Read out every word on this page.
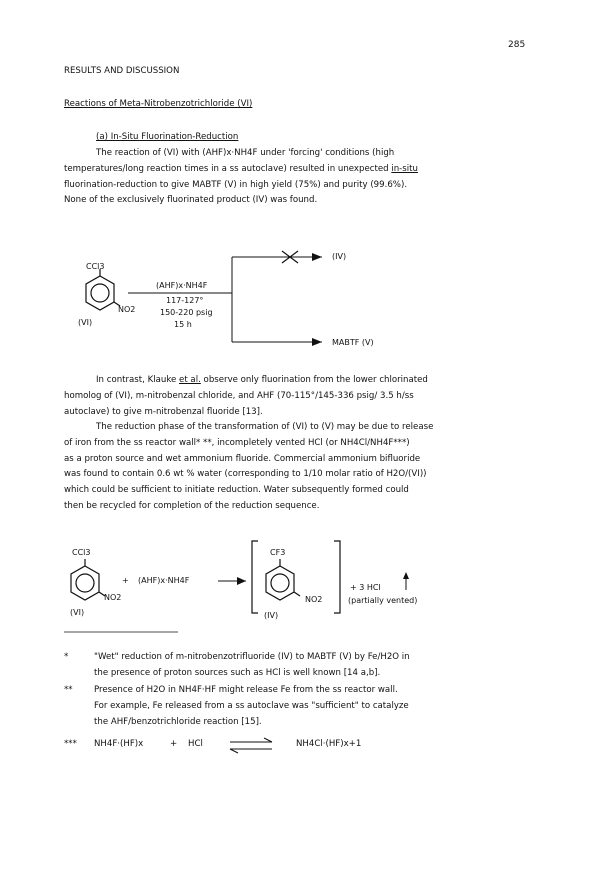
285
RESULTS AND DISCUSSION
Reactions of Meta-Nitrobenzotrichloride (VI)
(a) In-Situ Fluorination-Reduction
The reaction of (VI) with (AHF)x·NH4F under 'forcing' conditions (high
temperatures/long reaction times in a ss autoclave) resulted in unexpected in-situ
fluorination-reduction to give MABTF (V) in high yield (75%) and purity (99.6%).
None of the exclusively fluorinated product (IV) was found.
CCl3
NO2
(VI)
(AHF)x·NH4F
117-127°
150-220 psig
15 h
(IV)
MABTF (V)
In contrast, Klauke et al. observe only fluorination from the lower chlorinated
homolog of (VI), m-nitrobenzal chloride, and AHF (70-115°/145-336 psig/ 3.5 h/ss
autoclave) to give m-nitrobenzal fluoride [13].
The reduction phase of the transformation of (VI) to (V) may be due to release
of iron from the ss reactor wall* **, incompletely vented HCl (or NH4Cl/NH4F***)
as a proton source and wet ammonium fluoride. Commercial ammonium bifluoride
was found to contain 0.6 wt % water (corresponding to 1/10 molar ratio of H2O/(VI))
which could be sufficient to initiate reduction. Water subsequently formed could
then be recycled for completion of the reduction sequence.
CCl3
NO2
(VI)
+ (AHF)x·NH4F
CF3
NO2
(IV)
+ 3 HCl
(partially vented)
*	"Wet" reduction of m-nitrobenzotrifluoride (IV) to MABTF (V) by Fe/H2O in
the presence of proton sources such as HCl is well known [14 a,b].
** Presence of H2O in NH4F·HF might release Fe from the ss reactor wall.
For example, Fe released from a ss autoclave was "sufficient" to catalyze
the AHF/benzotrichloride reaction [15].
*** NH4F·(HF)x	+ HCl	NH4Cl·(HF)x+1
